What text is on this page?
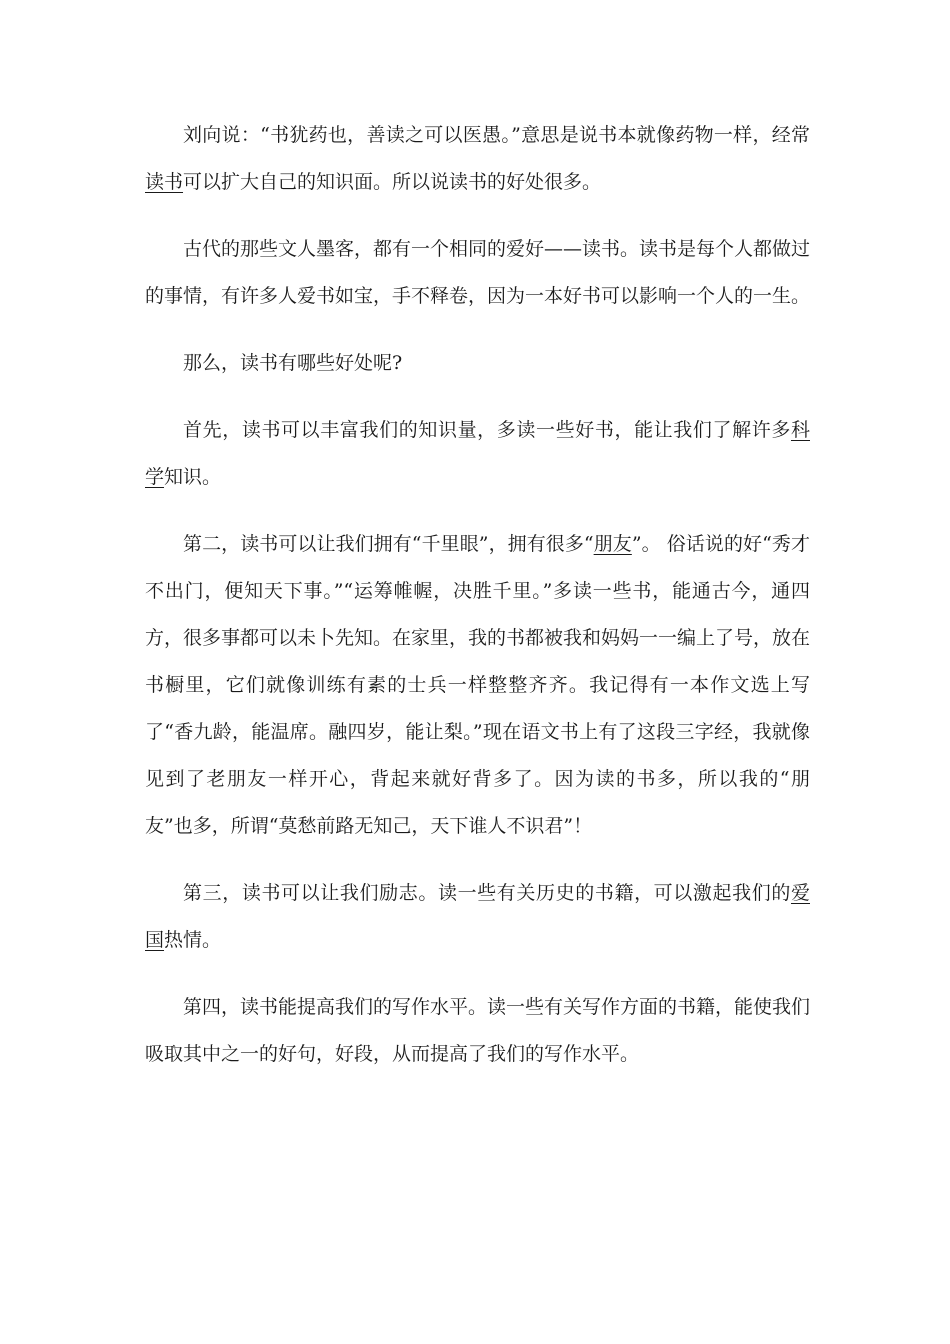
刘向说：“书犹药也，善读之可以医愚。”意思是说书本就像药物一样，经常读书可以扩大自己的知识面。所以说读书的好处很多。

古代的那些文人墨客，都有一个相同的爱好——读书。读书是每个人都做过的事情，有许多人爱书如宝，手不释卷，因为一本好书可以影响一个人的一生。

那么，读书有哪些好处呢?

首先，读书可以丰富我们的知识量，多读一些好书，能让我们了解许多科学知识。

第二，读书可以让我们拥有“千里眼”，拥有很多“朋友”。 俗话说的好“秀才不出门，便知天下事。”“运筹帷幄，决胜千里。”多读一些书，能通古今，通四方，很多事都可以未卜先知。在家里，我的书都被我和妈妈一一编上了号，放在书橱里，它们就像训练有素的士兵一样整整齐齐。我记得有一本作文选上写了“香九龄，能温席。融四岁，能让梨。”现在语文书上有了这段三字经，我就像见到了老朋友一样开心，背起来就好背多了。因为读的书多，所以我的“朋友”也多，所谓“莫愁前路无知己，天下谁人不识君”！

第三，读书可以让我们励志。读一些有关历史的书籍，可以激起我们的爱国热情。

第四，读书能提高我们的写作水平。读一些有关写作方面的书籍，能使我们吸取其中之一的好句，好段，从而提高了我们的写作水平。
